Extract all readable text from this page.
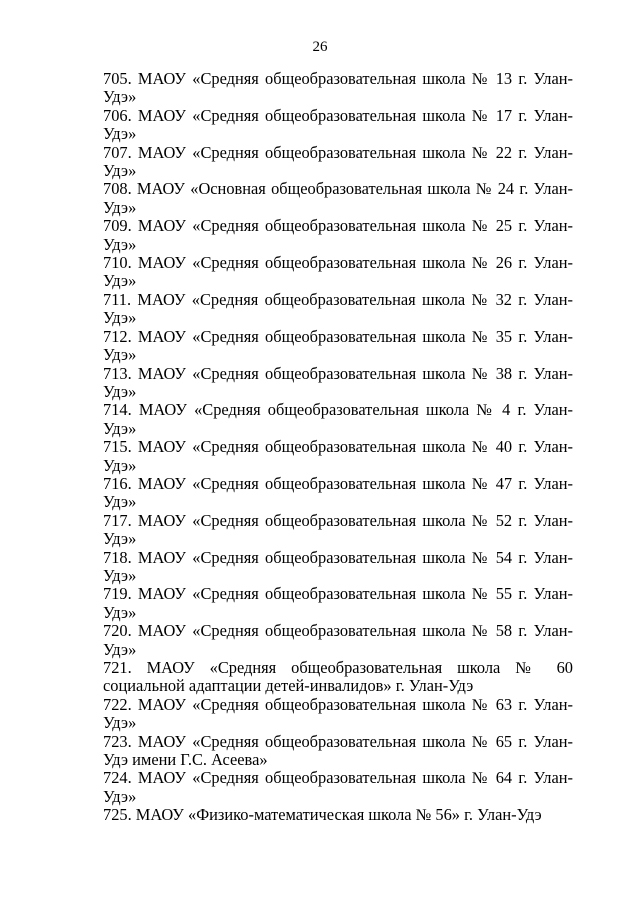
26
705. МАОУ «Средняя общеобразовательная школа № 13 г. Улан-Удэ»
706. МАОУ «Средняя общеобразовательная школа № 17 г. Улан-Удэ»
707. МАОУ «Средняя общеобразовательная школа № 22 г. Улан-Удэ»
708. МАОУ «Основная общеобразовательная школа № 24 г. Улан-Удэ»
709. МАОУ «Средняя общеобразовательная школа № 25 г. Улан-Удэ»
710. МАОУ «Средняя общеобразовательная школа № 26 г. Улан-Удэ»
711. МАОУ «Средняя общеобразовательная школа № 32 г. Улан-Удэ»
712. МАОУ «Средняя общеобразовательная школа № 35 г. Улан-Удэ»
713. МАОУ «Средняя общеобразовательная школа № 38 г. Улан-Удэ»
714. МАОУ «Средняя общеобразовательная школа № 4 г. Улан-Удэ»
715. МАОУ «Средняя общеобразовательная школа № 40 г. Улан-Удэ»
716. МАОУ «Средняя общеобразовательная школа № 47 г. Улан-Удэ»
717. МАОУ «Средняя общеобразовательная школа № 52 г. Улан-Удэ»
718. МАОУ «Средняя общеобразовательная школа № 54 г. Улан-Удэ»
719. МАОУ «Средняя общеобразовательная школа № 55 г. Улан-Удэ»
720. МАОУ «Средняя общеобразовательная школа № 58 г. Улан-Удэ»
721. МАОУ «Средняя общеобразовательная школа № 60 социальной адаптации детей-инвалидов» г. Улан-Удэ
722. МАОУ «Средняя общеобразовательная школа № 63 г. Улан-Удэ»
723. МАОУ «Средняя общеобразовательная школа № 65 г. Улан-Удэ имени Г.С. Асеева»
724. МАОУ «Средняя общеобразовательная школа № 64 г. Улан-Удэ»
725. МАОУ «Физико-математическая школа № 56» г. Улан-Удэ
